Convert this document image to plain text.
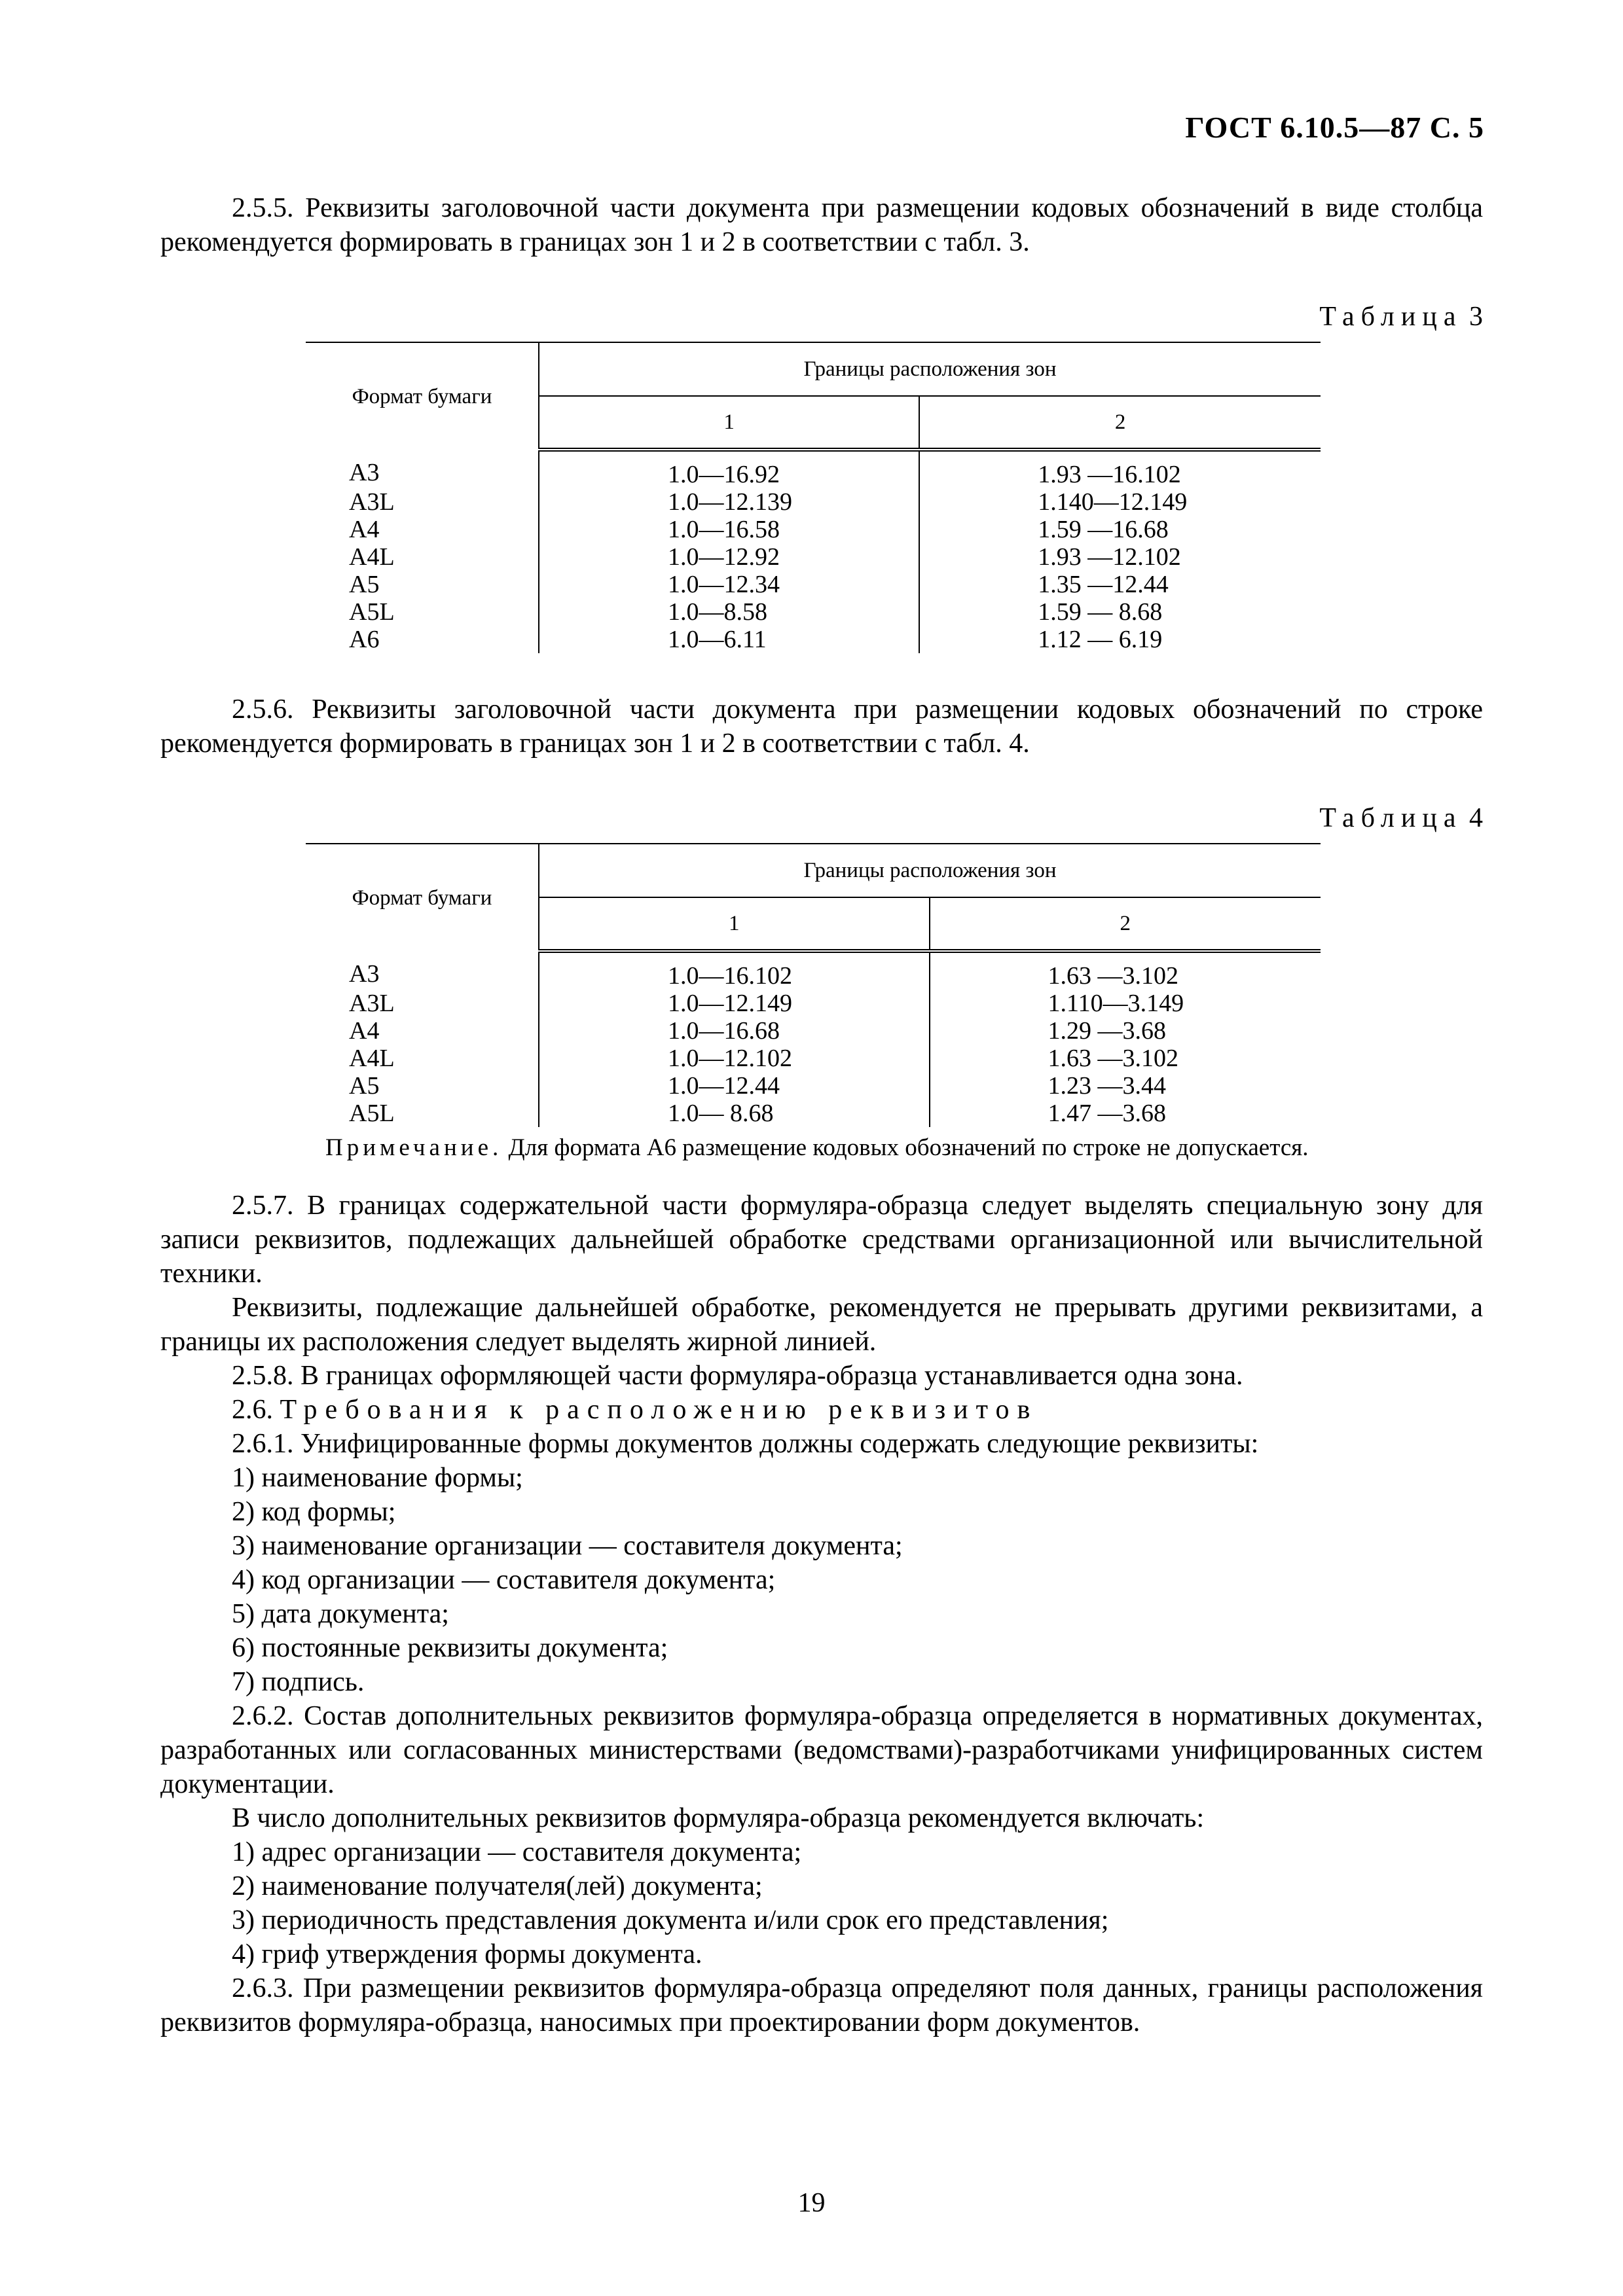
ГОСТ 6.10.5—87 С. 5

2.5.5. Реквизиты заголовочной части документа при размещении кодовых обозначений в виде столбца рекомендуется формировать в границах зон 1 и 2 в соответствии с табл. 3.

Таблица 3
Формат бумаги	Границы расположения зон	
	1	2
А3	1.0—16.92	1.93 —16.102
А3L	1.0—12.139	1.140—12.149
А4	1.0—16.58	1.59 —16.68
А4L	1.0—12.92	1.93 —12.102
А5	1.0—12.34	1.35 —12.44
А5L	1.0—8.58	1.59 — 8.68
А6	1.0—6.11	1.12 — 6.19

2.5.6. Реквизиты заголовочной части документа при размещении кодовых обозначений по строке рекомендуется формировать в границах зон 1 и 2 в соответствии с табл. 4.

Таблица 4
Формат бумаги	Границы расположения зон	
	1	2
А3	1.0—16.102	1.63 —3.102
А3L	1.0—12.149	1.110—3.149
А4	1.0—16.68	1.29 —3.68
А4L	1.0—12.102	1.63 —3.102
А5	1.0—12.44	1.23 —3.44
А5L	1.0— 8.68	1.47 —3.68
Примечание. Для формата А6 размещение кодовых обозначений по строке не допускается.

2.5.7. В границах содержательной части формуляра-образца следует выделять специальную зону для записи реквизитов, подлежащих дальнейшей обработке средствами организационной или вычислительной техники.

Реквизиты, подлежащие дальнейшей обработке, рекомендуется не прерывать другими реквизитами, а границы их расположения следует выделять жирной линией.

2.5.8. В границах оформляющей части формуляра-образца устанавливается одна зона.

2.6. Требования к расположению реквизитов

2.6.1. Унифицированные формы документов должны содержать следующие реквизиты:

1) наименование формы;

2) код формы;

3) наименование организации — составителя документа;

4) код организации — составителя документа;

5) дата документа;

6) постоянные реквизиты документа;

7) подпись.

2.6.2. Состав дополнительных реквизитов формуляра-образца определяется в нормативных документах, разработанных или согласованных министерствами (ведомствами)-разработчиками унифицированных систем документации.

В число дополнительных реквизитов формуляра-образца рекомендуется включать:

1) адрес организации — составителя документа;

2) наименование получателя(лей) документа;

3) периодичность представления документа и/или срок его представления;

4) гриф утверждения формы документа.

2.6.3. При размещении реквизитов формуляра-образца определяют поля данных, границы расположения реквизитов формуляра-образца, наносимых при проектировании форм документов.

19
